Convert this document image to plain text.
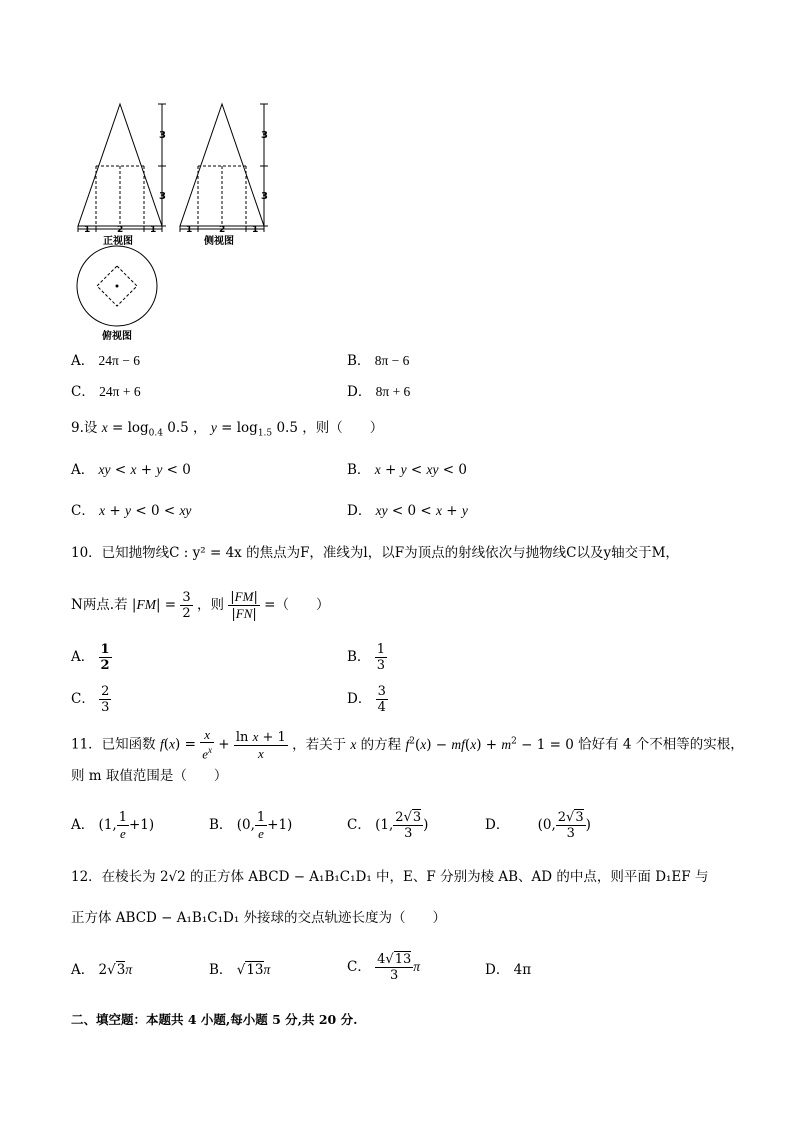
1	2	1
正视图
3
3
1	2	1
侧视图
3
3
俯视图
A． 24π − 6	B． 8π − 6
C． 24π + 6	D． 8π + 6
9.设 $x = \log_{0.4} 0.5$ ， $y = \log_{1.5} 0.5$ ，则（　　）
A． xy < x + y < 0	B． x + y < xy < 0
C． x + y < 0 < xy	D． xy < 0 < x + y
10．已知抛物线C : y² = 4x 的焦点为F，准线为l，以F为顶点的射线依次与抛物线C以及y轴交于M，
N两点.若 $|FM| = \frac{3}{2}$ ，则 $\frac{|FM|}{|FN|}$ =（　　）
A． $\frac{1}{2}$	B． $\frac{1}{3}$
C． $\frac{2}{3}$	D． $\frac{3}{4}$
11．已知函数 $f(x) = \frac{x}{e^x} + \frac{\text{ln x + 1}}{x}$ ，若关于 x 的方程 $f^2(x) - mf(x) + m^2 - 1 = 0$ 恰好有 4 个不相等的实根，
则 m 取值范围是（　　）
A． (1, $\frac{1}{e} +1$)	B． (0, $\frac{1}{e} +1$)	C． (1, $\frac{2√3}{3}$ )	D． (0, $\frac{2√3}{3}$ )
12．在棱长为 2√2 的正方体 ABCD − A₁B₁C₁D₁ 中，E、F 分别为棱 AB、AD 的中点，则平面 D₁EF 与
正方体 ABCD − A₁B₁C₁D₁ 外接球的交点轨迹长度为（　　）
A． 2√3π	B． √13π	C． $\frac{4√13}{3}$ π	D． 4π
二、填空题：本题共 4 小题,每小题 5 分,共 20 分.
